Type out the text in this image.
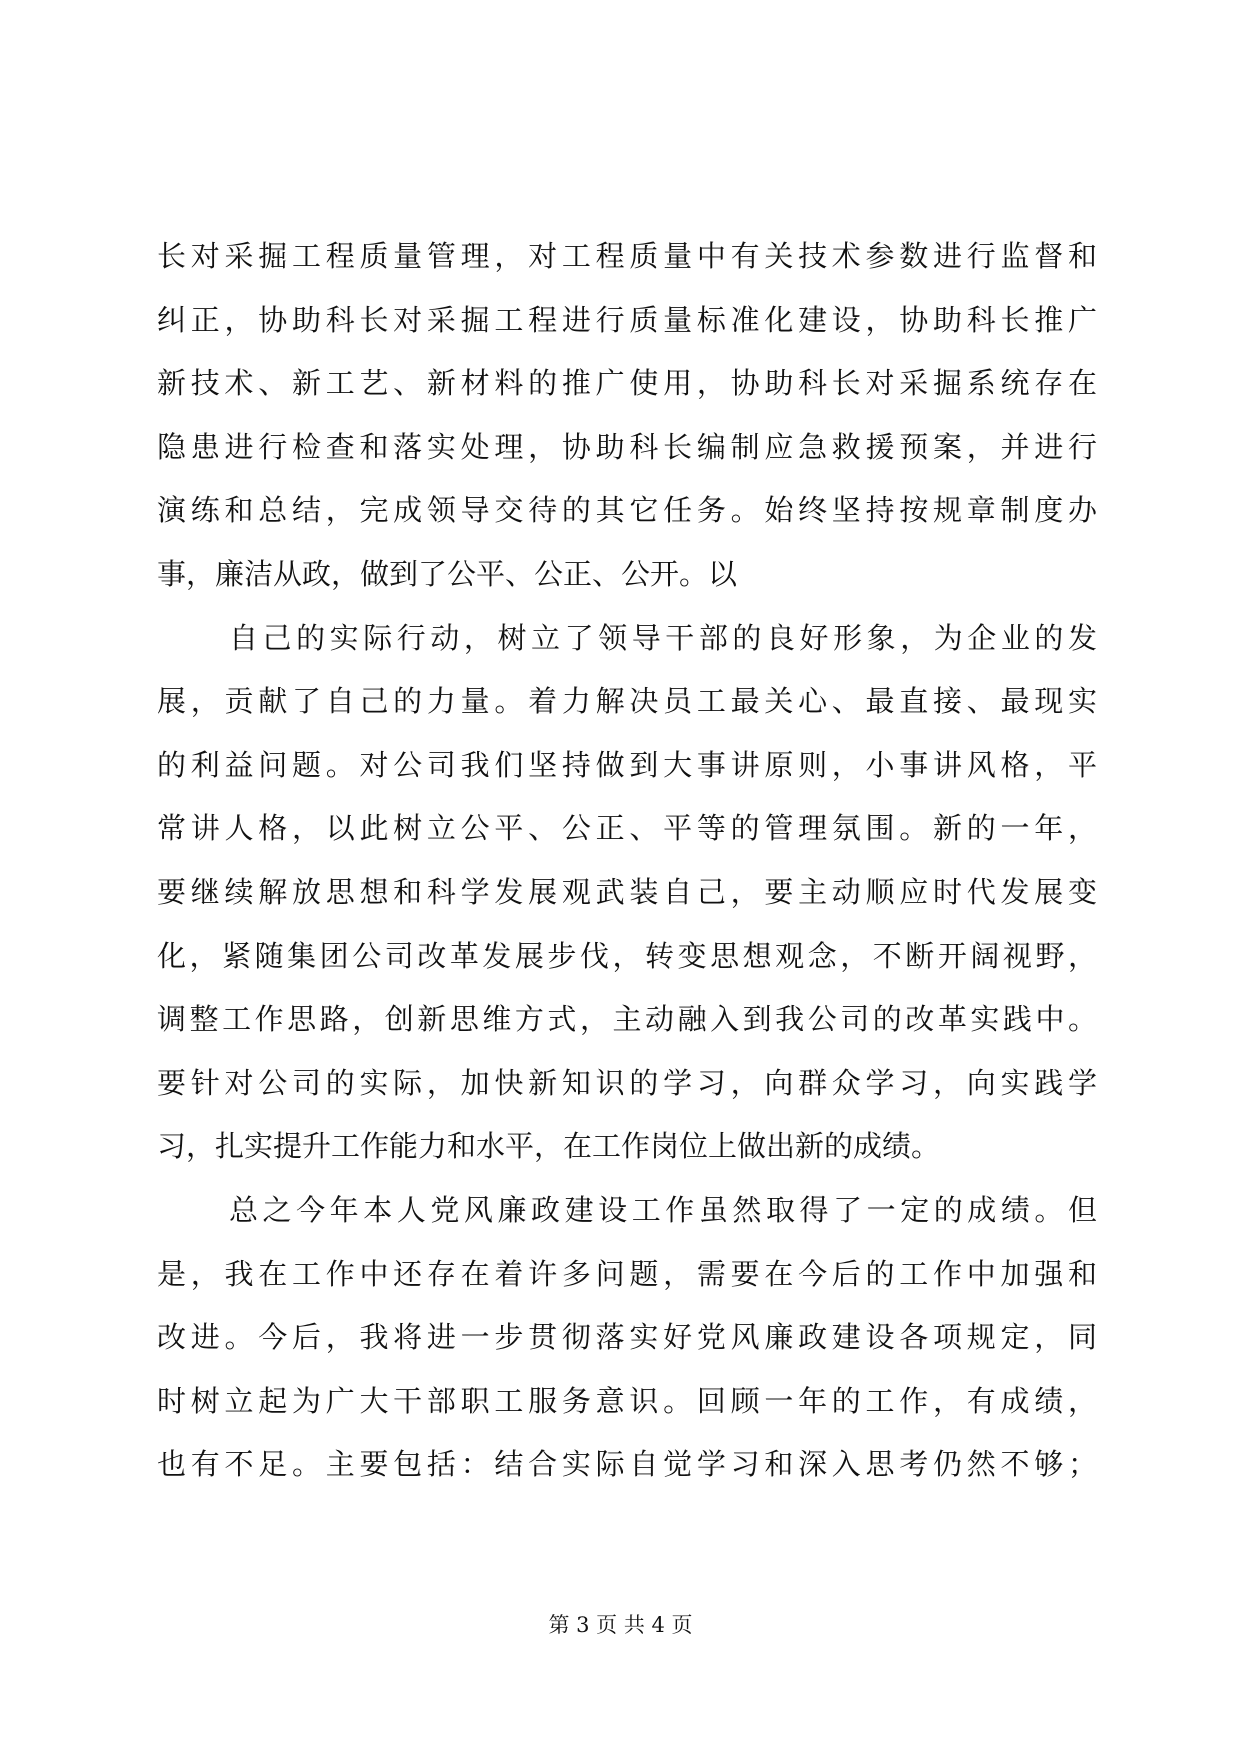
长对采掘工程质量管理，对工程质量中有关技术参数进行监督和
纠正，协助科长对采掘工程进行质量标准化建设，协助科长推广
新技术、新工艺、新材料的推广使用，协助科长对采掘系统存在
隐患进行检查和落实处理，协助科长编制应急救援预案，并进行
演练和总结，完成领导交待的其它任务。始终坚持按规章制度办
事，廉洁从政，做到了公平、公正、公开。以
自己的实际行动，树立了领导干部的良好形象，为企业的发
展，贡献了自己的力量。着力解决员工最关心、最直接、最现实
的利益问题。对公司我们坚持做到大事讲原则，小事讲风格，平
常讲人格，以此树立公平、公正、平等的管理氛围。新的一年，
要继续解放思想和科学发展观武装自己，要主动顺应时代发展变
化，紧随集团公司改革发展步伐，转变思想观念，不断开阔视野，
调整工作思路，创新思维方式，主动融入到我公司的改革实践中。
要针对公司的实际，加快新知识的学习，向群众学习，向实践学
习，扎实提升工作能力和水平，在工作岗位上做出新的成绩。
总之今年本人党风廉政建设工作虽然取得了一定的成绩。但
是，我在工作中还存在着许多问题，需要在今后的工作中加强和
改进。今后，我将进一步贯彻落实好党风廉政建设各项规定，同
时树立起为广大干部职工服务意识。回顾一年的工作，有成绩，
也有不足。主要包括：结合实际自觉学习和深入思考仍然不够；
第 3 页 共 4 页
